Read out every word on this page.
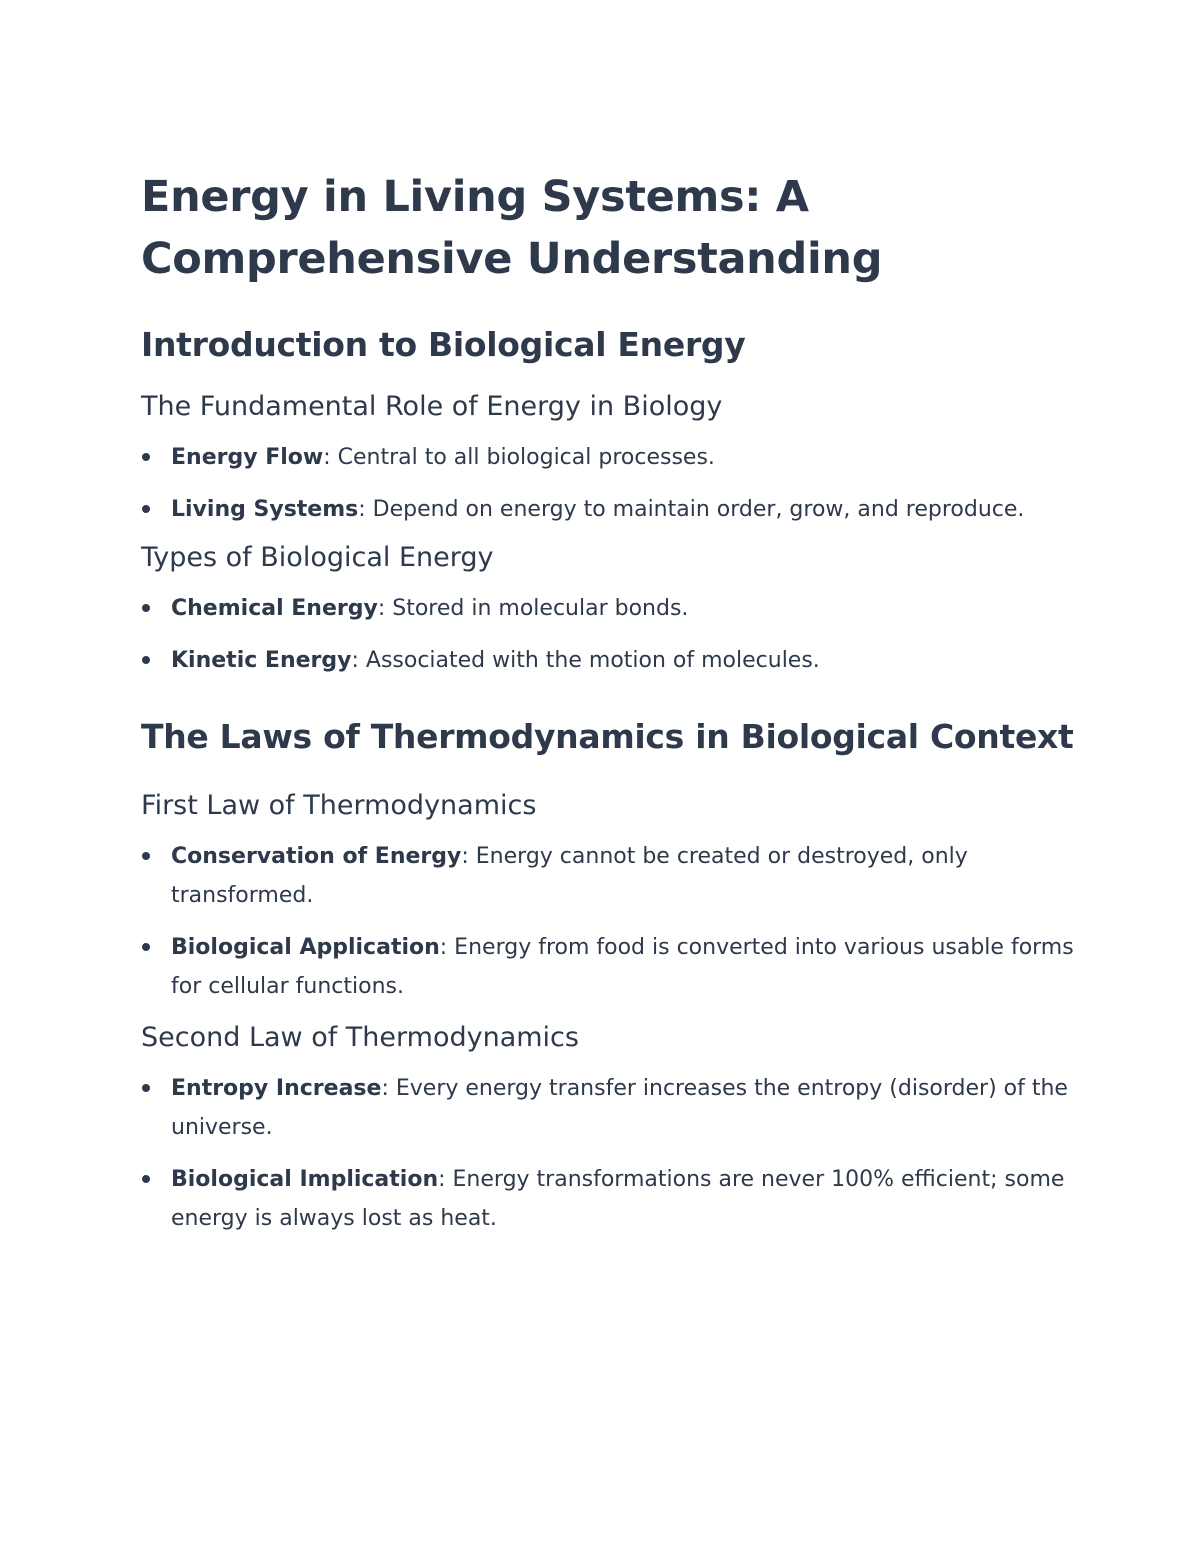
Energy in Living Systems: A Comprehensive Understanding
Introduction to Biological Energy
The Fundamental Role of Energy in Biology
Energy Flow: Central to all biological processes.
Living Systems: Depend on energy to maintain order, grow, and reproduce.
Types of Biological Energy
Chemical Energy: Stored in molecular bonds.
Kinetic Energy: Associated with the motion of molecules.
The Laws of Thermodynamics in Biological Context
First Law of Thermodynamics
Conservation of Energy: Energy cannot be created or destroyed, only transformed.
Biological Application: Energy from food is converted into various usable forms for cellular functions.
Second Law of Thermodynamics
Entropy Increase: Every energy transfer increases the entropy (disorder) of the universe.
Biological Implication: Energy transformations are never 100% efficient; some energy is always lost as heat.
